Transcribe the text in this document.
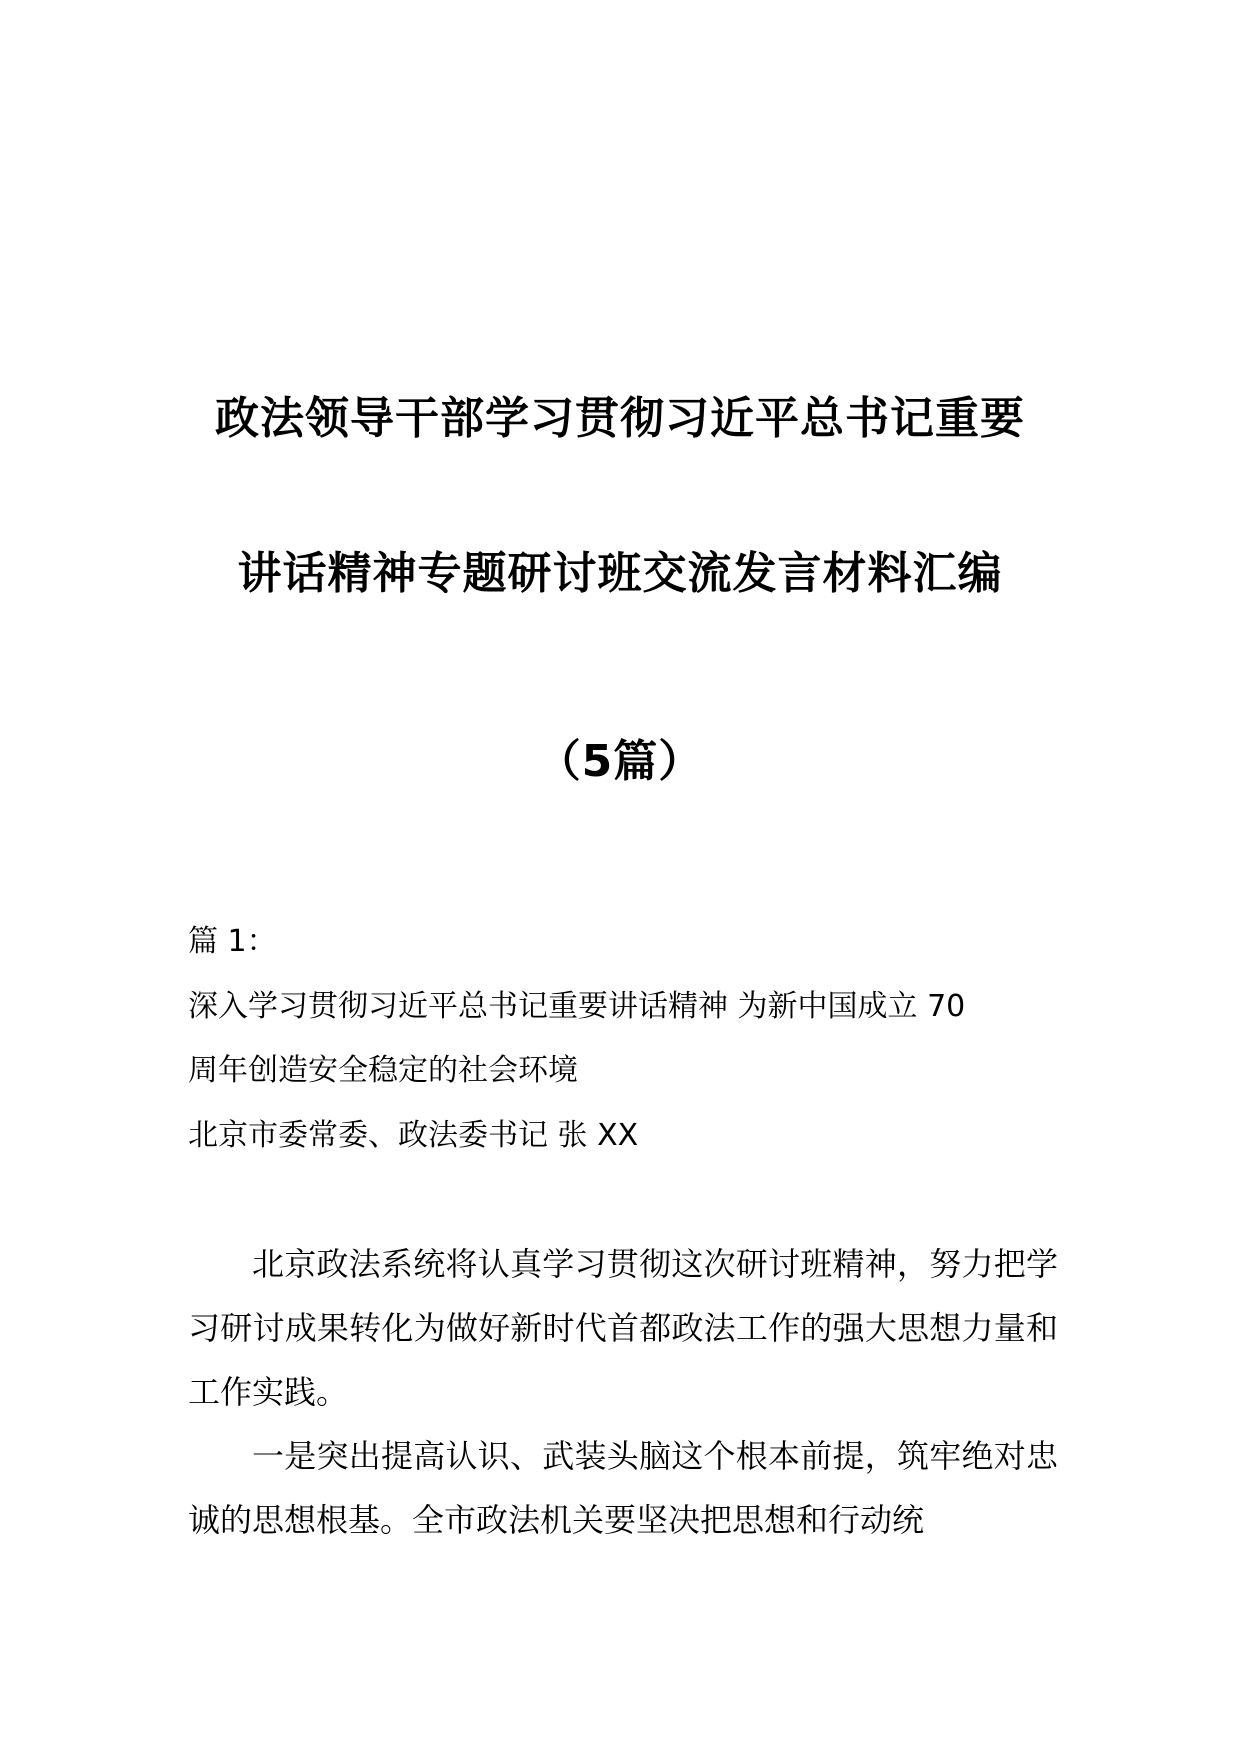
政法领导干部学习贯彻习近平总书记重要
讲话精神专题研讨班交流发言材料汇编
（5篇）
篇 1：
深入学习贯彻习近平总书记重要讲话精神 为新中国成立 70
周年创造安全稳定的社会环境
北京市委常委、政法委书记 张 XX

北京政法系统将认真学习贯彻这次研讨班精神，努力把学习研讨成果转化为做好新时代首都政法工作的强大思想力量和工作实践。

一是突出提高认识、武装头脑这个根本前提，筑牢绝对忠诚的思想根基。全市政法机关要坚决把思想和行动统
